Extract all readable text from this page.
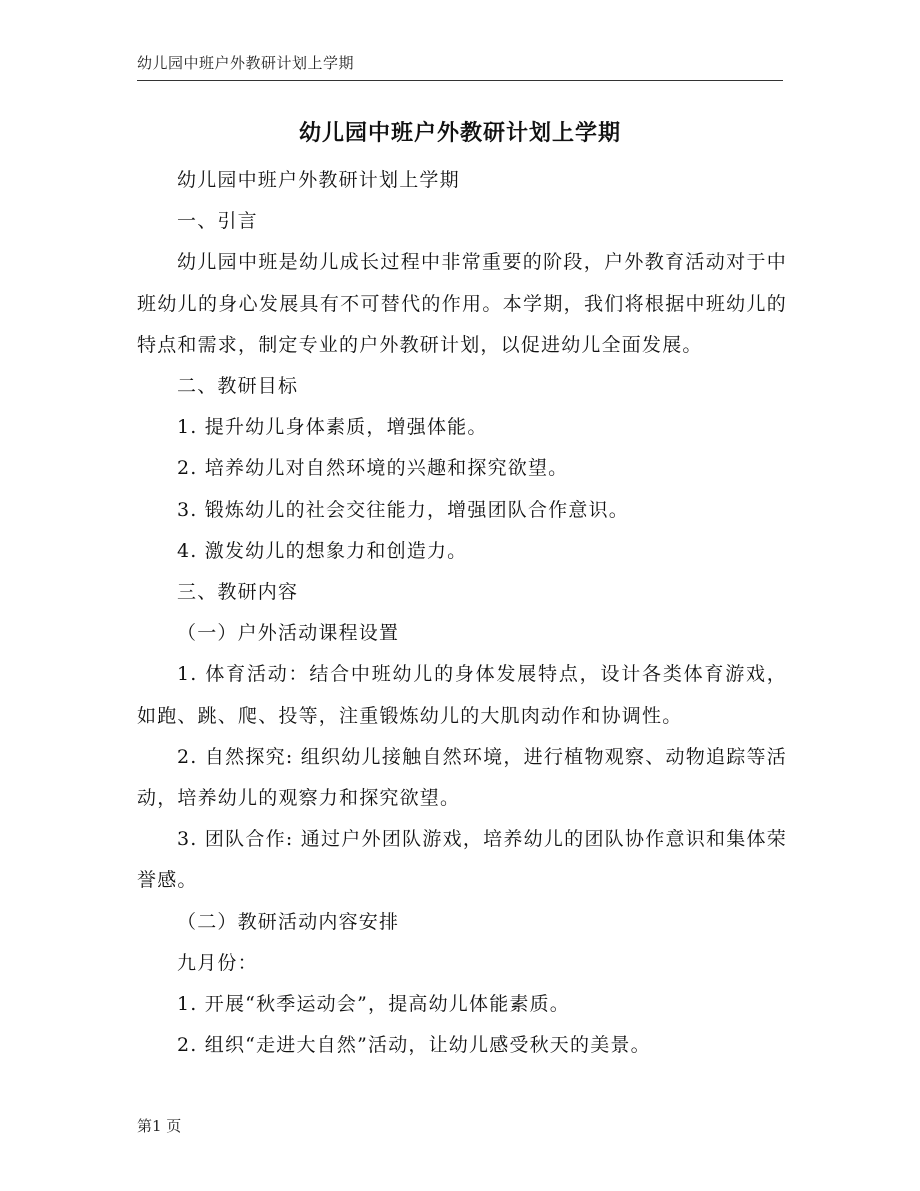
幼儿园中班户外教研计划上学期
幼儿园中班户外教研计划上学期

幼儿园中班户外教研计划上学期

一、引言

幼儿园中班是幼儿成长过程中非常重要的阶段，户外教育活动对于中班幼儿的身心发展具有不可替代的作用。本学期，我们将根据中班幼儿的特点和需求，制定专业的户外教研计划，以促进幼儿全面发展。

二、教研目标

1. 提升幼儿身体素质，增强体能。

2. 培养幼儿对自然环境的兴趣和探究欲望。

3. 锻炼幼儿的社会交往能力，增强团队合作意识。

4. 激发幼儿的想象力和创造力。

三、教研内容

（一）户外活动课程设置

1. 体育活动：结合中班幼儿的身体发展特点，设计各类体育游戏，如跑、跳、爬、投等，注重锻炼幼儿的大肌肉动作和协调性。

2. 自然探究: 组织幼儿接触自然环境，进行植物观察、动物追踪等活动，培养幼儿的观察力和探究欲望。

3. 团队合作: 通过户外团队游戏，培养幼儿的团队协作意识和集体荣誉感。

（二）教研活动内容安排

九月份：

1. 开展“秋季运动会”，提高幼儿体能素质。

2. 组织“走进大自然”活动，让幼儿感受秋天的美景。

第1 页
